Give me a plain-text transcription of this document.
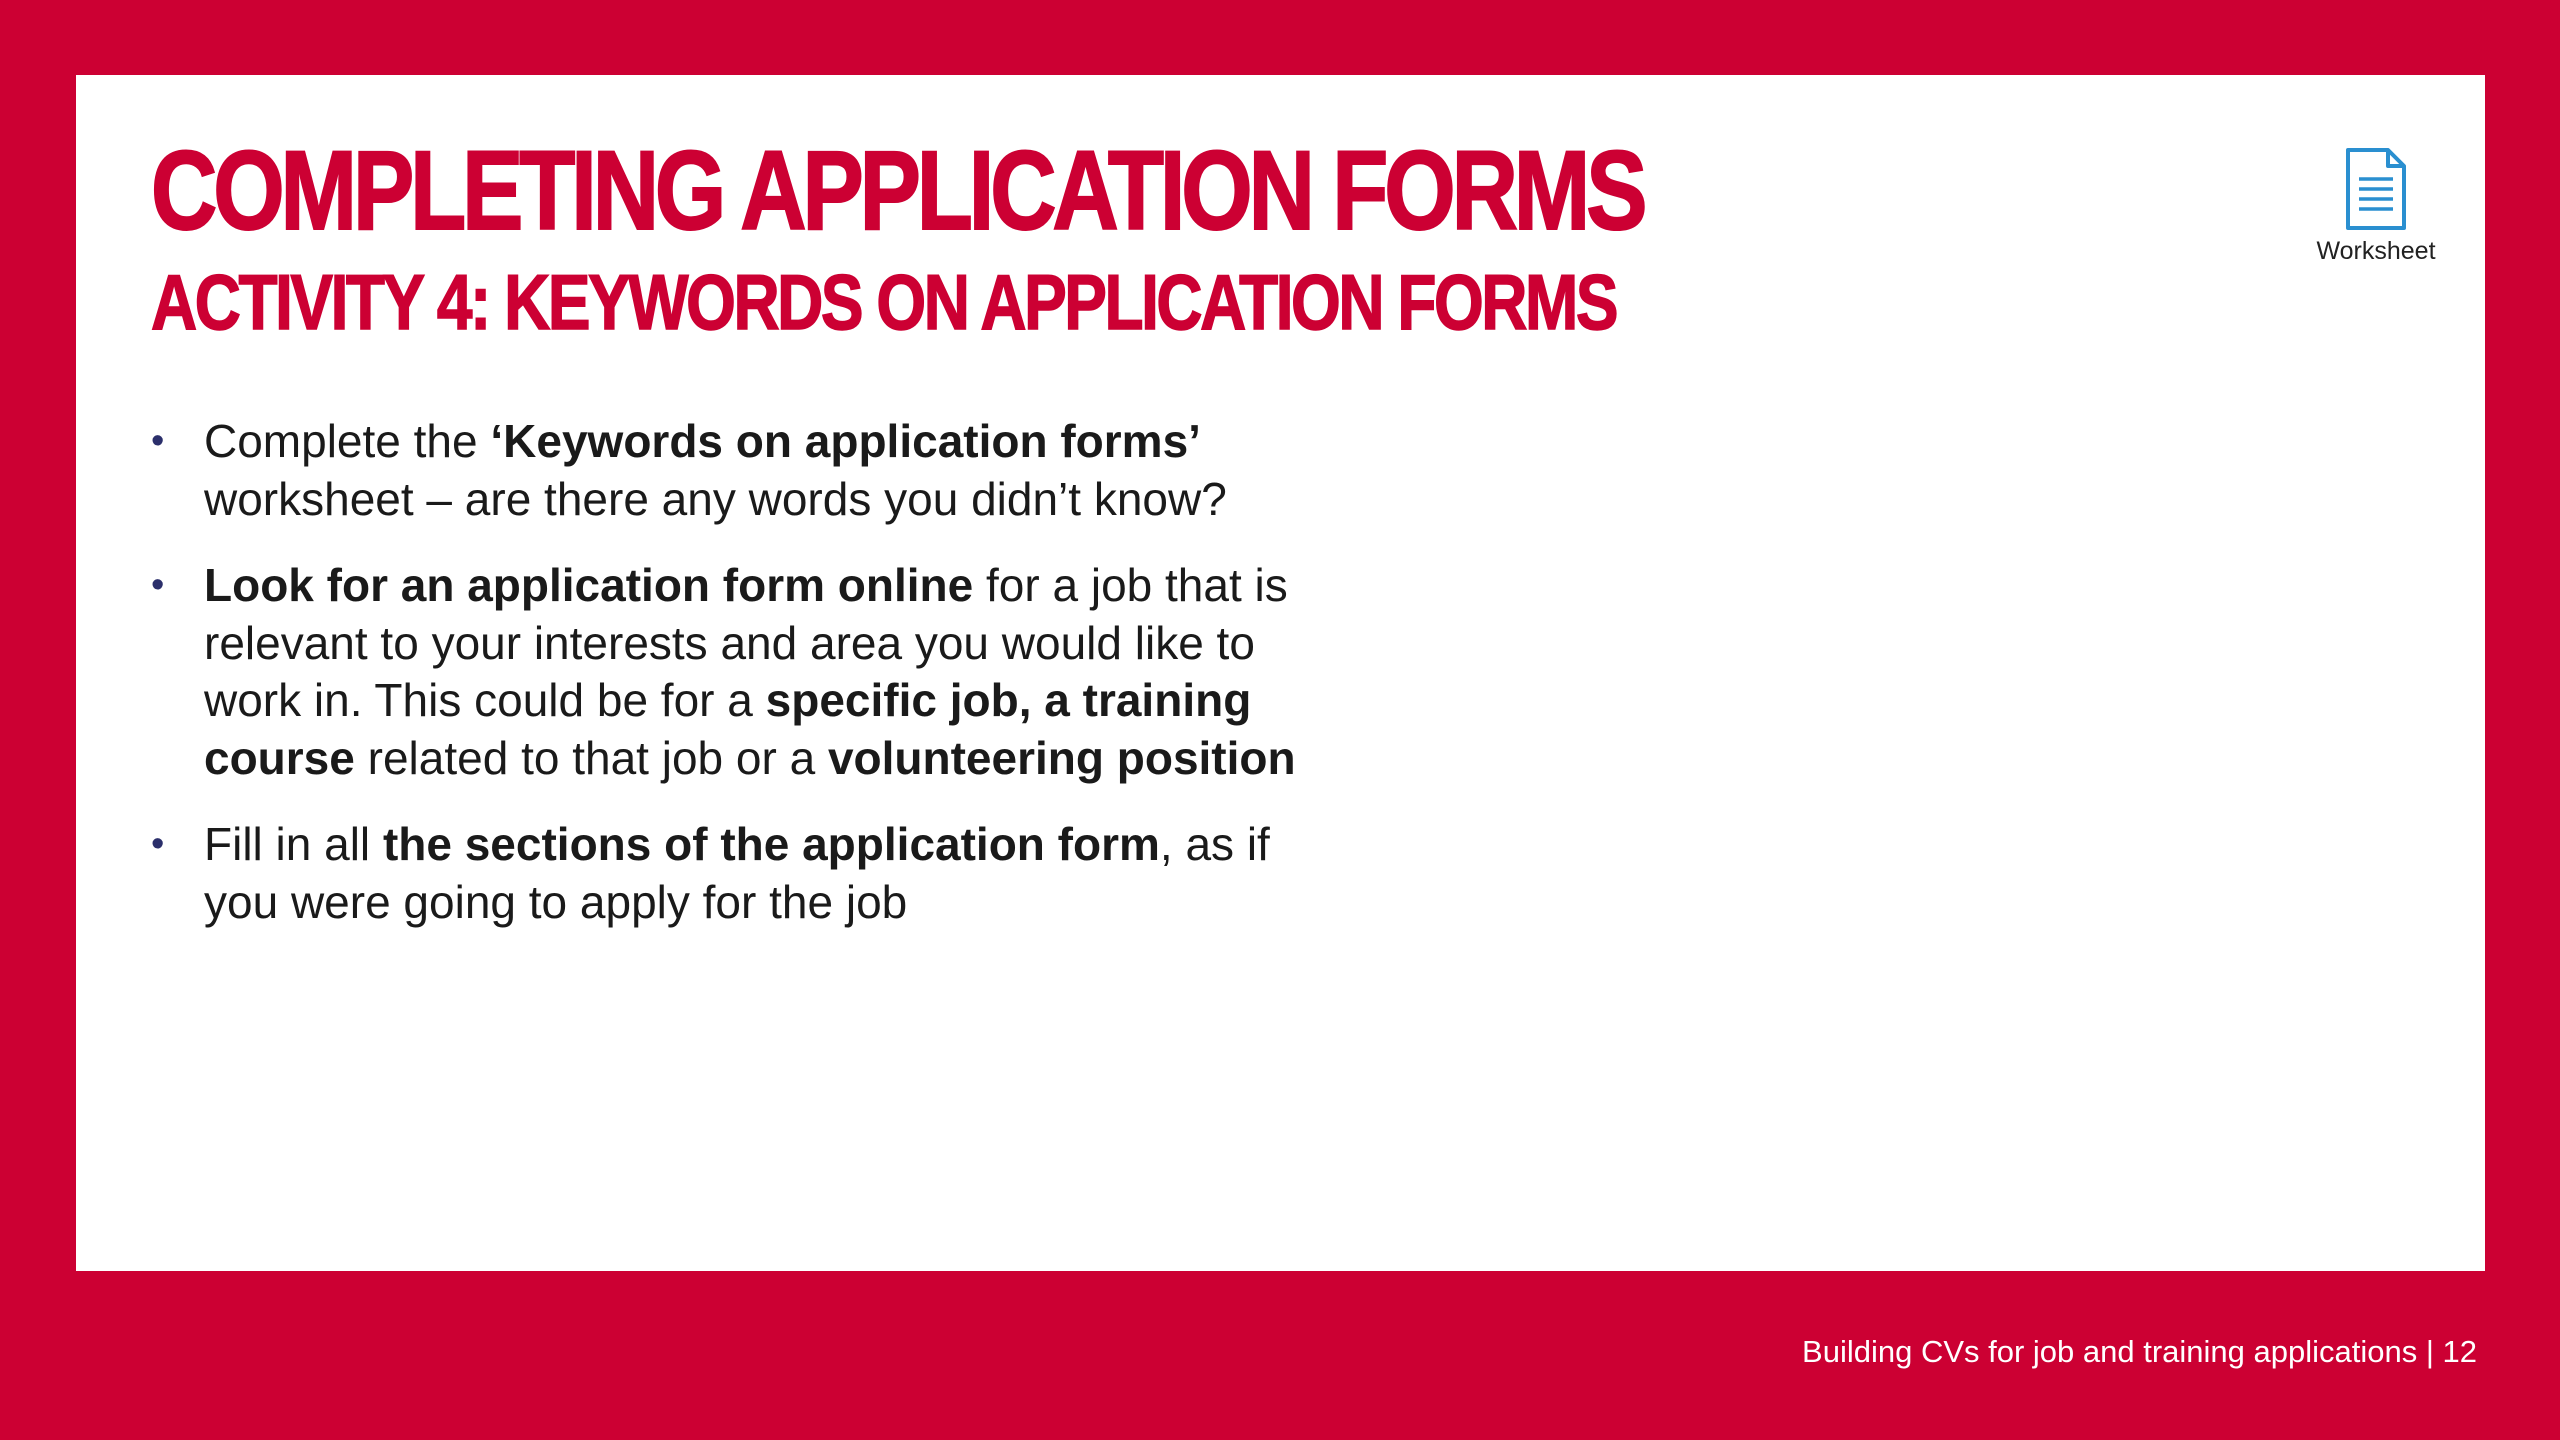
COMPLETING APPLICATION FORMS
ACTIVITY 4: KEYWORDS ON APPLICATION FORMS
Worksheet
• Complete the ‘Keywords on application forms’ worksheet – are there any words you didn’t know?
• Look for an application form online for a job that is relevant to your interests and area you would like to work in. This could be for a specific job, a training course related to that job or a volunteering position
• Fill in all the sections of the application form, as if you were going to apply for the job
Building CVs for job and training applications | 12
